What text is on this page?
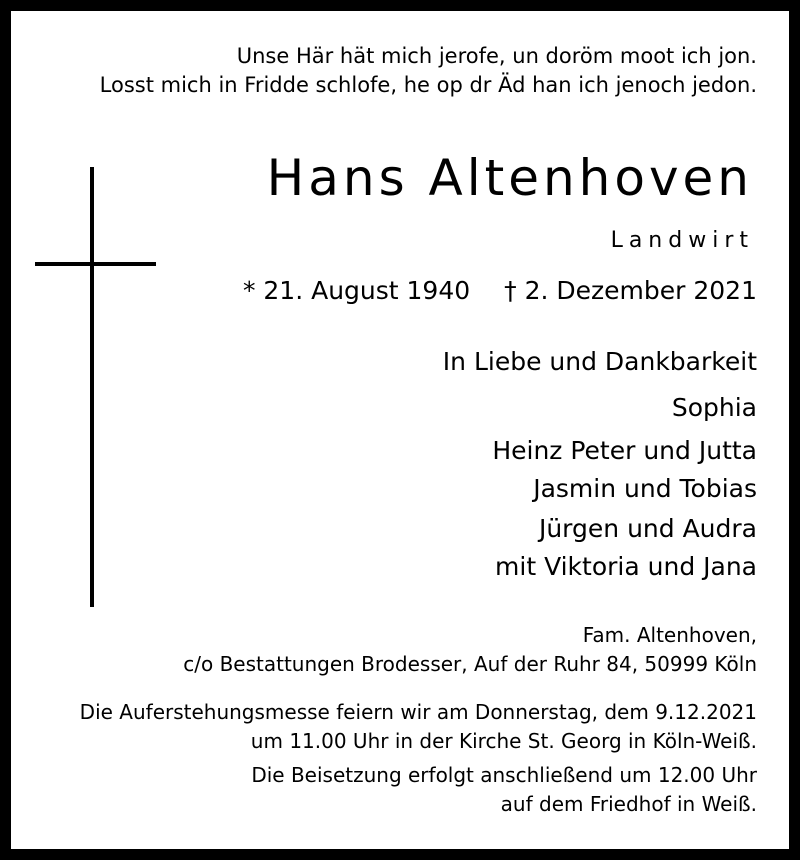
Unse Här hät mich jerofe, un doröm moot ich jon.
Losst mich in Fridde schlofe, he op dr Äd han ich jenoch jedon.
Hans Altenhoven
Landwirt
* 21. August 1940 † 2. Dezember 2021
In Liebe und Dankbarkeit
Sophia
Heinz Peter und Jutta
Jasmin und Tobias
Jürgen und Audra
mit Viktoria und Jana
Fam. Altenhoven,
c/o Bestattungen Brodesser, Auf der Ruhr 84, 50999 Köln
Die Auferstehungsmesse feiern wir am Donnerstag, dem 9.12.2021
um 11.00 Uhr in der Kirche St. Georg in Köln-Weiß.
Die Beisetzung erfolgt anschließend um 12.00 Uhr
auf dem Friedhof in Weiß.
